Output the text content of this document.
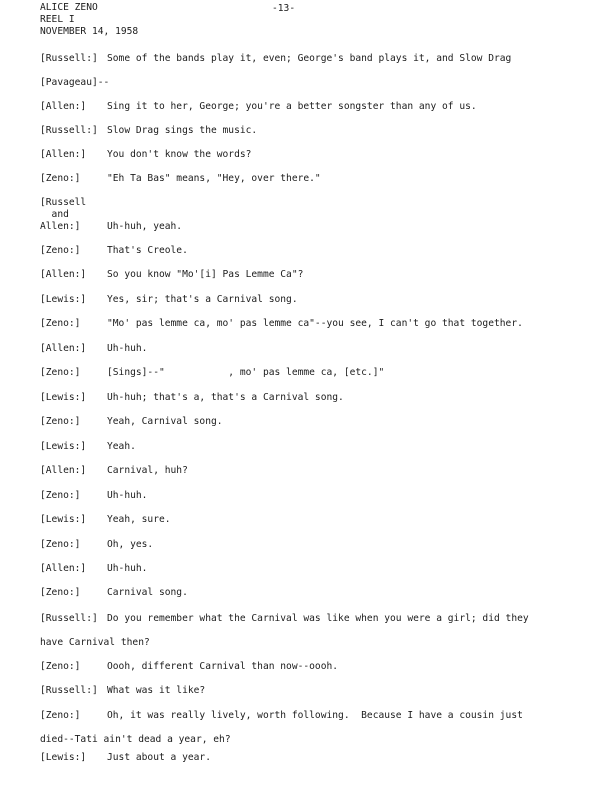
ALICE ZENO
REEL I
NOVEMBER 14, 1958
-13-
[Russell:] Some of the bands play it, even; George's band plays it, and Slow Drag
[Pavageau]--
[Allen:]	Sing it to her, George; you're a better songster than any of us.
[Russell:] Slow Drag sings the music.
[Allen:]	You don't know the words?
[Zeno:]	"Eh Ta Bas" means, "Hey, over there."

[Russell

and

Allen:]

	Uh-huh, yeah.
[Zeno:]	That's Creole.
[Allen:]	So you know "Mo'[i] Pas Lemme Ca"?
[Lewis:]	Yes, sir; that's a Carnival song.
[Zeno:]	"Mo' pas lemme ca, mo' pas lemme ca"--you see, I can't go that together.
[Allen:]	Uh-huh.
[Zeno:]	[Sings]--"           , mo' pas lemme ca, [etc.]"
[Lewis:]	Uh-huh; that's a, that's a Carnival song.
[Zeno:]	Yeah, Carnival song.
[Lewis:]	Yeah.
[Allen:]	Carnival, huh?
[Zeno:]	Uh-huh.
[Lewis:]	Yeah, sure.
[Zeno:]	Oh, yes.
[Allen:]	Uh-huh.
[Zeno:]	Carnival song.
[Russell:] Do you remember what the Carnival was like when you were a girl; did they
have Carnival then?
[Zeno:]	Oooh, different Carnival than now--oooh.
[Russell:] What was it like?
[Zeno:]	Oh, it was really lively, worth following.  Because I have a cousin just
died--Tati ain't dead a year, eh?
[Lewis:]	Just about a year.
